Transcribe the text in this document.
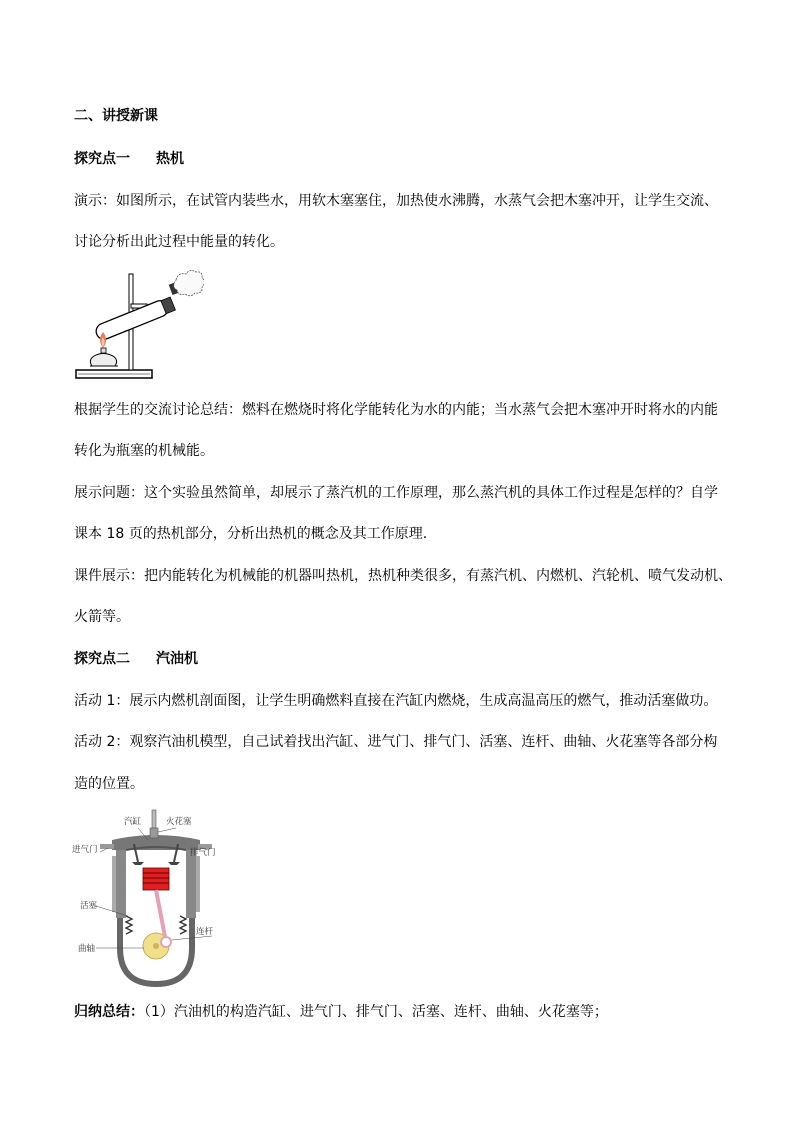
二、讲授新课
探究点一 热机
演示：如图所示，在试管内装些水，用软木塞塞住，加热使水沸腾，水蒸气会把木塞冲开，让学生交流、
讨论分析出此过程中能量的转化。
根据学生的交流讨论总结：燃料在燃烧时将化学能转化为水的内能；当水蒸气会把木塞冲开时将水的内能
转化为瓶塞的机械能。
展示问题：这个实验虽然简单，却展示了蒸汽机的工作原理，那么蒸汽机的具体工作过程是怎样的？自学
课本 18 页的热机部分，分析出热机的概念及其工作原理.
课件展示：把内能转化为机械能的机器叫热机，热机种类很多，有蒸汽机、内燃机、汽轮机、喷气发动机、
火箭等。
探究点二 汽油机
活动 1：展示内燃机剖面图，让学生明确燃料直接在汽缸内燃烧，生成高温高压的燃气，推动活塞做功。
活动 2：观察汽油机模型，自己试着找出汽缸、进气门、排气门、活塞、连杆、曲轴、火花塞等各部分构
造的位置。
汽缸	火花塞
进气门	排气门
活塞
连杆
曲轴
归纳总结：（1）汽油机的构造汽缸、进气门、排气门、活塞、连杆、曲轴、火花塞等；
